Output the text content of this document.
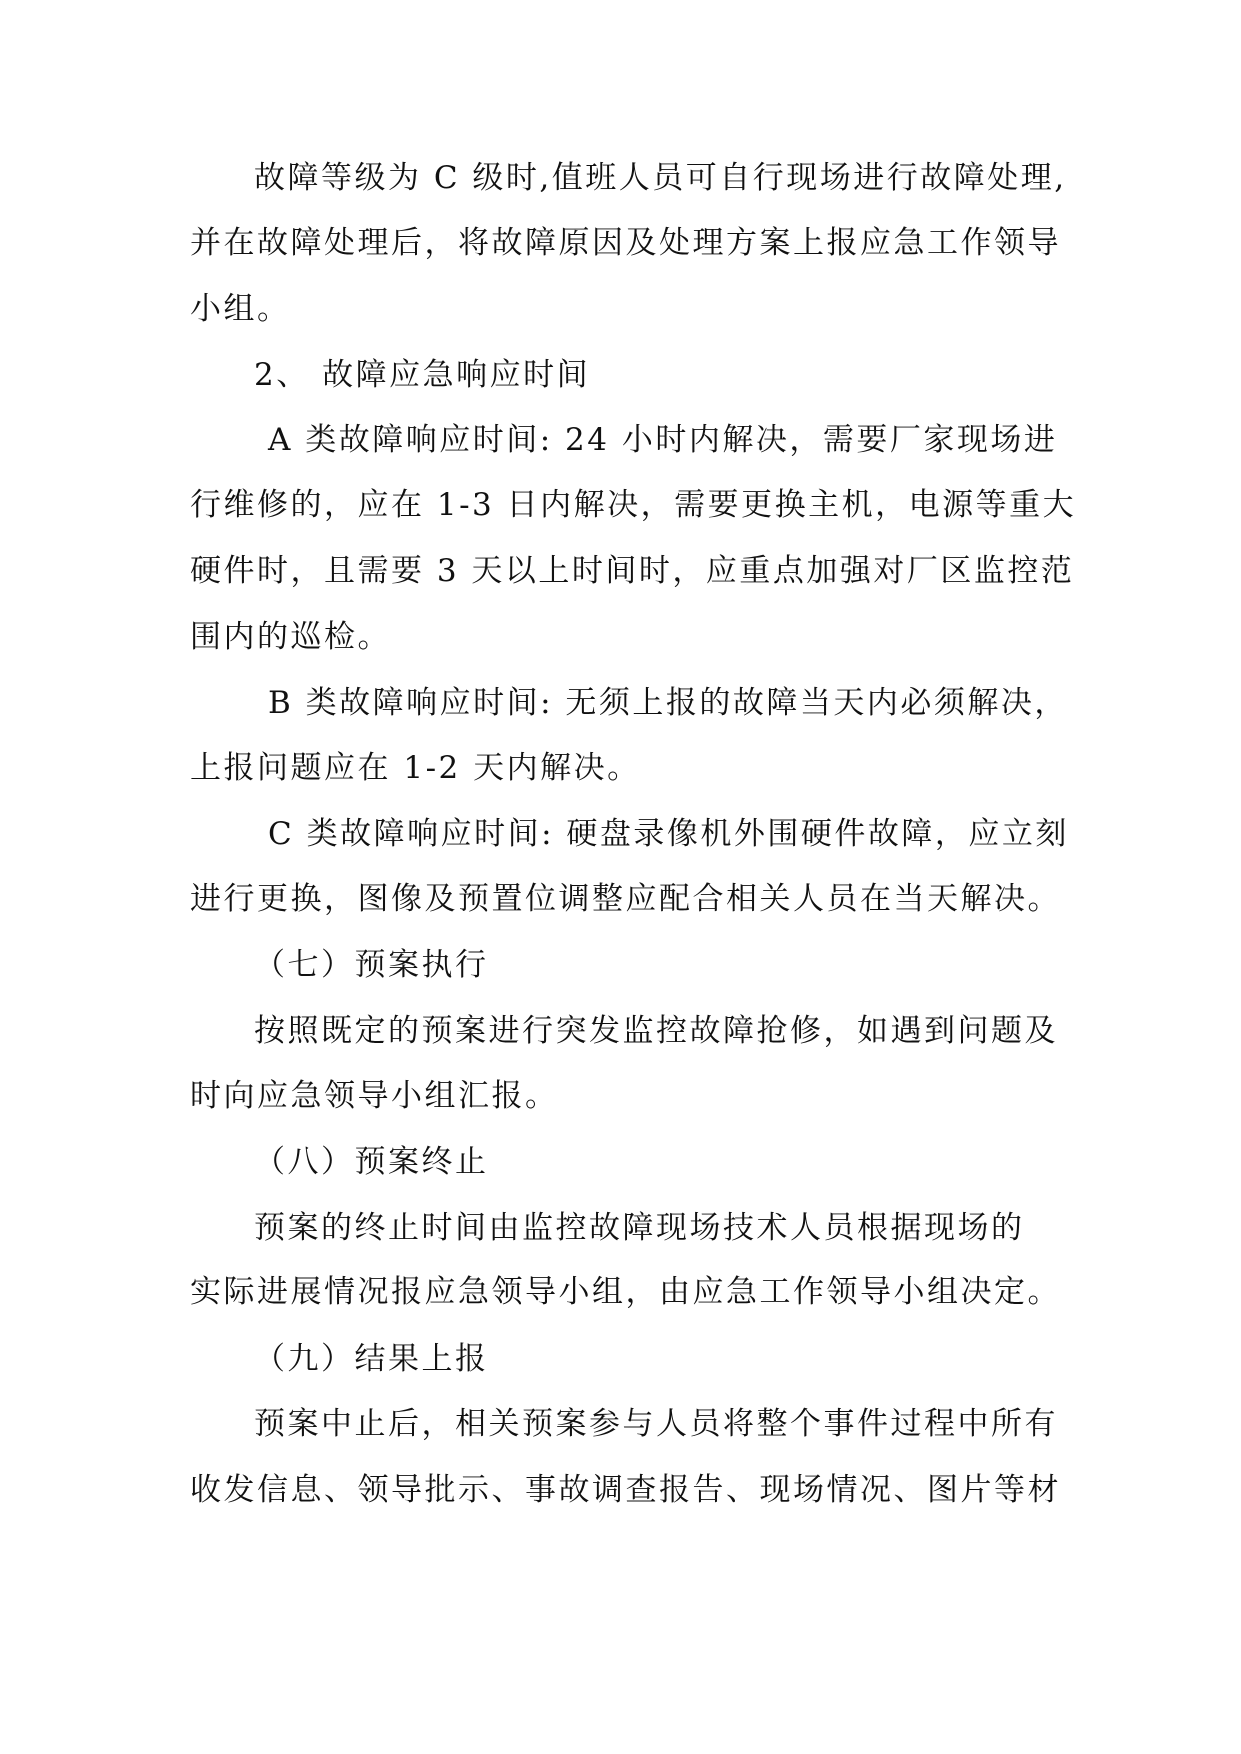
故障等级为 C 级时,值班人员可自行现场进行故障处理,
并在故障处理后，将故障原因及处理方案上报应急工作领导
小组。
2、 故障应急响应时间
A 类故障响应时间: 24 小时内解决，需要厂家现场进
行维修的，应在 1-3 日内解决，需要更换主机，电源等重大
硬件时，且需要 3 天以上时间时，应重点加强对厂区监控范
围内的巡检。
B 类故障响应时间: 无须上报的故障当天内必须解决，
上报问题应在 1-2 天内解决。
C 类故障响应时间: 硬盘录像机外围硬件故障，应立刻
进行更换，图像及预置位调整应配合相关人员在当天解决。
（七）预案执行
按照既定的预案进行突发监控故障抢修，如遇到问题及
时向应急领导小组汇报。
（八）预案终止
预案的终止时间由监控故障现场技术人员根据现场的
实际进展情况报应急领导小组，由应急工作领导小组决定。
（九）结果上报
预案中止后，相关预案参与人员将整个事件过程中所有
收发信息、领导批示、事故调查报告、现场情况、图片等材
